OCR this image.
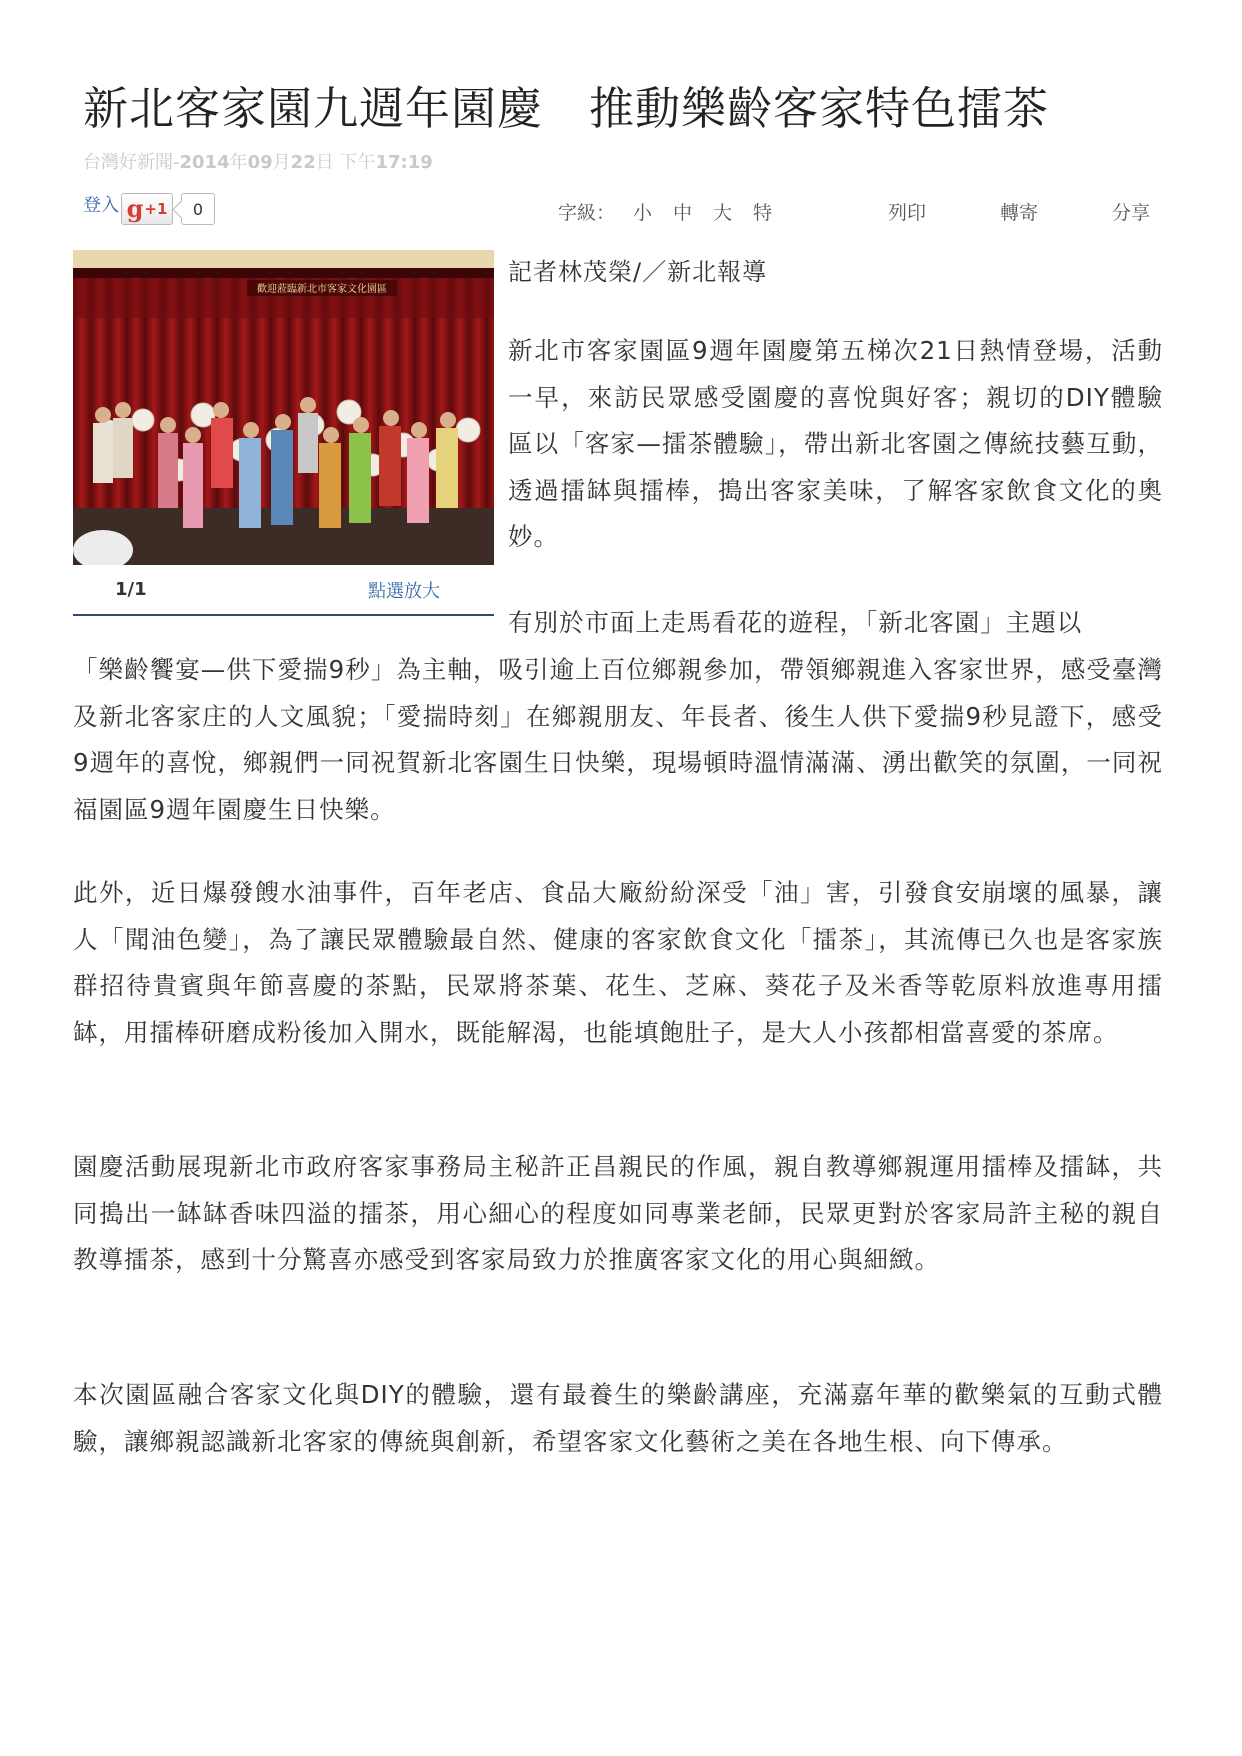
新北客家園九週年園慶　推動樂齡客家特色擂茶
台灣好新聞-2014年09月22日 下午17:19
登入 g +1 0	字級： 小 中 大 特	列印	轉寄	分享
歡迎蒞臨新北市客家文化園區
1/1	點選放大
記者林茂榮/／新北報導

新北市客家園區9週年園慶第五梯次21日熱情登場，活動一早，來訪民眾感受園慶的喜悅與好客；親切的DIY體驗區以「客家—擂茶體驗」，帶出新北客園之傳統技藝互動，透過擂缽與擂棒，搗出客家美味，了解客家飲食文化的奧妙。

有別於市面上走馬看花的遊程，「新北客園」主題以

「樂齡饗宴—供下愛揣9秒」為主軸，吸引逾上百位鄉親參加，帶領鄉親進入客家世界，感受臺灣及新北客家庄的人文風貌；「愛揣時刻」在鄉親朋友、年長者、後生人供下愛揣9秒見證下，感受9週年的喜悅，鄉親們一同祝賀新北客園生日快樂，現場頓時溫情滿滿、湧出歡笑的氛圍，一同祝福園區9週年園慶生日快樂。

此外，近日爆發餿水油事件，百年老店、食品大廠紛紛深受「油」害，引發食安崩壞的風暴，讓人「聞油色變」，為了讓民眾體驗最自然、健康的客家飲食文化「擂茶」，其流傳已久也是客家族群招待貴賓與年節喜慶的茶點，民眾將茶葉、花生、芝麻、葵花子及米香等乾原料放進專用擂缽，用擂棒研磨成粉後加入開水，既能解渴，也能填飽肚子，是大人小孩都相當喜愛的茶席。

園慶活動展現新北市政府客家事務局主秘許正昌親民的作風，親自教導鄉親運用擂棒及擂缽，共同搗出一缽缽香味四溢的擂茶，用心細心的程度如同專業老師，民眾更對於客家局許主秘的親自教導擂茶，感到十分驚喜亦感受到客家局致力於推廣客家文化的用心與細緻。

本次園區融合客家文化與DIY的體驗，還有最養生的樂齡講座，充滿嘉年華的歡樂氣的互動式體驗，讓鄉親認識新北客家的傳統與創新，希望客家文化藝術之美在各地生根、向下傳承。
